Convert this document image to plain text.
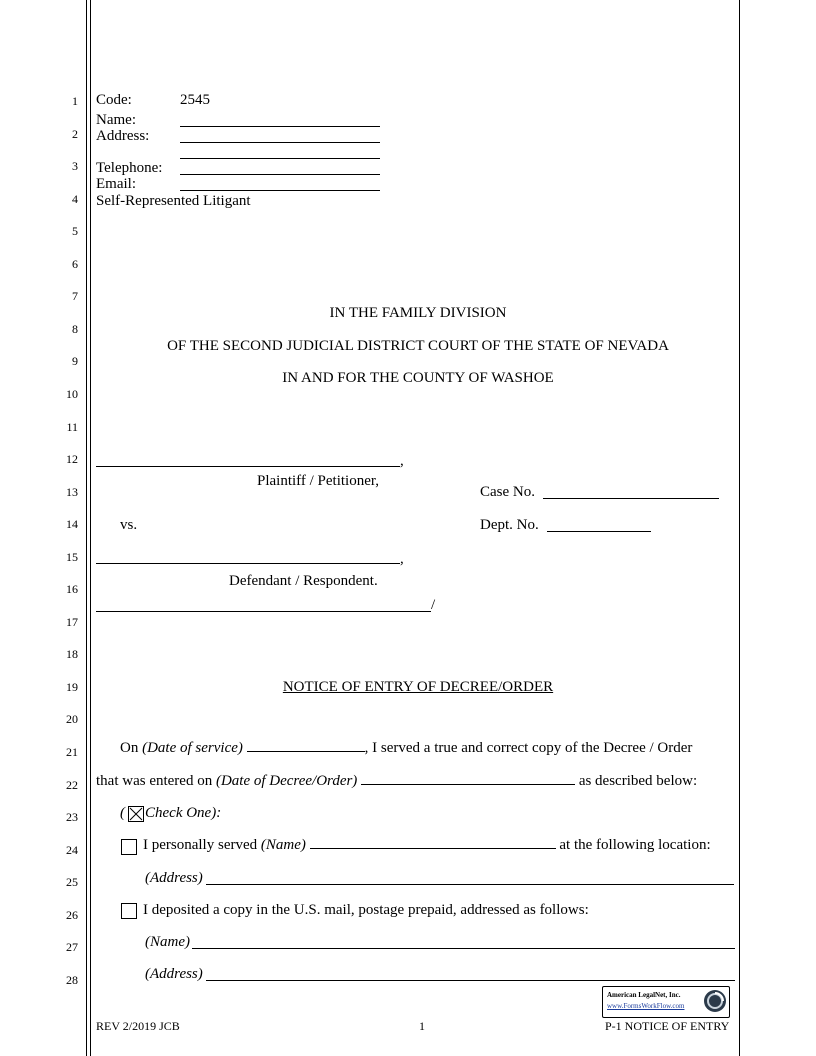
1
2
3
4
5
6
7
8
9
10
11
12
13
14
15
16
17
18
19
20
21
22
23
24
25
26
27
28
Code:	2545
Name:
Address:
Telephone:
Email:
Self-Represented Litigant
IN THE FAMILY DIVISION
OF THE SECOND JUDICIAL DISTRICT COURT OF THE STATE OF NEVADA
IN AND FOR THE COUNTY OF WASHOE
,
Plaintiff / Petitioner,
Case No.
vs.	Dept. No.
,
Defendant / Respondent.
/
NOTICE OF ENTRY OF DECREE/ORDER
On (Date of service)	, I served a true and correct copy of the Decree / Order
that was entered on (Date of Decree/Order)	as described below:
( Check One):
I personally served (Name)	at the following location:
(Address)
I deposited a copy in the U.S. mail, postage prepaid, addressed as follows:
(Name)
(Address)
American LegalNet, Inc.
www.FormsWorkFlow.com
REV 2/2019 JCB	1	P-1 NOTICE OF ENTRY
